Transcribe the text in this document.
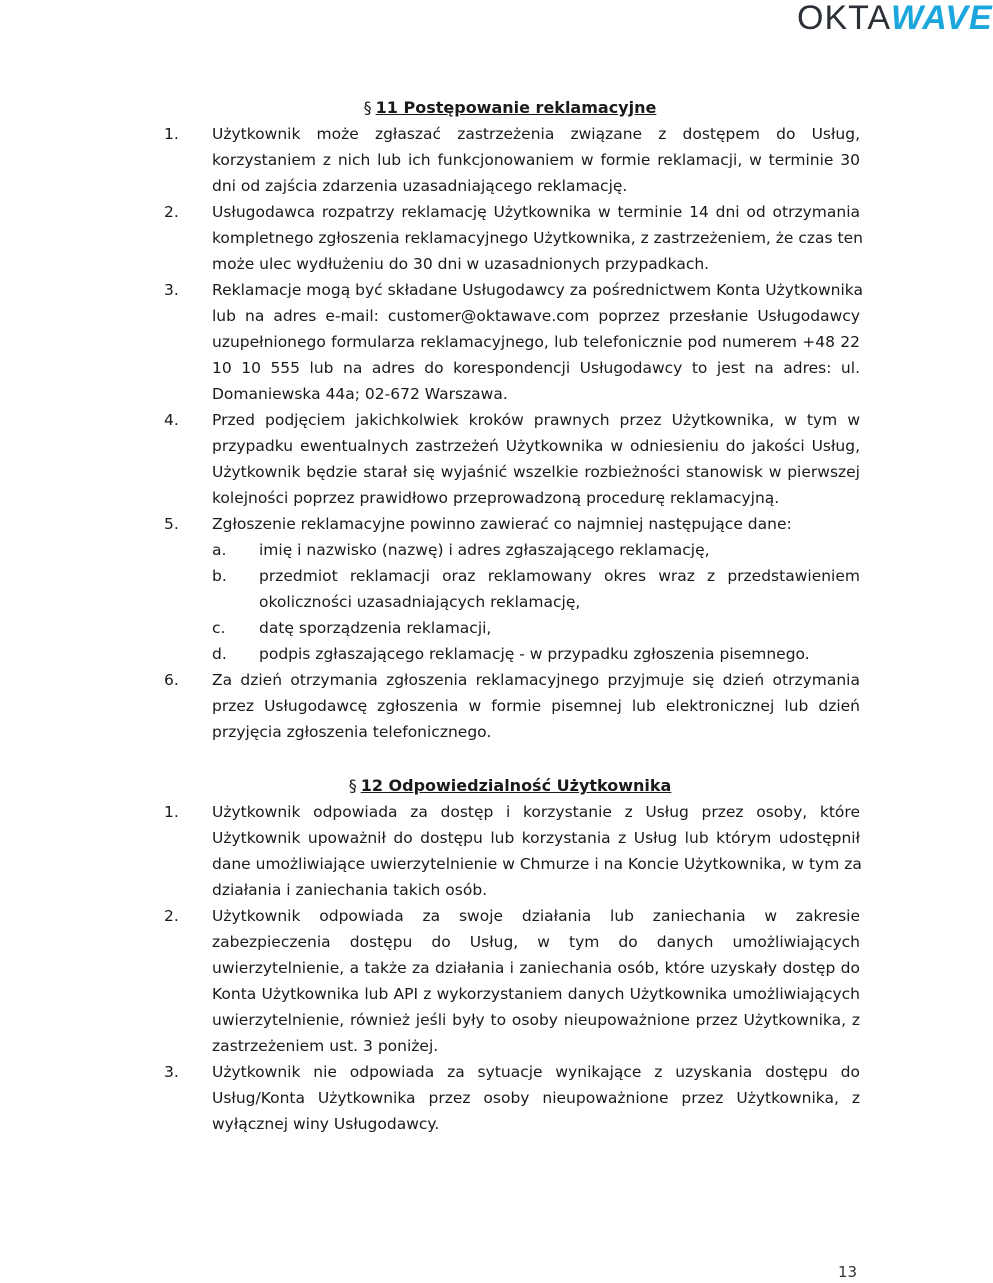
OKTAWAVE
§ 11 Postępowanie reklamacyjne
1. Użytkownik może zgłaszać zastrzeżenia związane z dostępem do Usług,
korzystaniem z nich lub ich funkcjonowaniem w formie reklamacji, w terminie 30
dni od zajścia zdarzenia uzasadniającego reklamację.
2. Usługodawca rozpatrzy reklamację Użytkownika w terminie 14 dni od otrzymania
kompletnego zgłoszenia reklamacyjnego Użytkownika, z zastrzeżeniem, że czas ten
może ulec wydłużeniu do 30 dni w uzasadnionych przypadkach.
3. Reklamacje mogą być składane Usługodawcy za pośrednictwem Konta Użytkownika
lub na adres e-mail: customer@oktawave.com poprzez przesłanie Usługodawcy
uzupełnionego formularza reklamacyjnego, lub telefonicznie pod numerem +48 22
10 10 555 lub na adres do korespondencji Usługodawcy to jest na adres: ul.
Domaniewska 44a; 02-672 Warszawa.
4. Przed podjęciem jakichkolwiek kroków prawnych przez Użytkownika, w tym w
przypadku ewentualnych zastrzeżeń Użytkownika w odniesieniu do jakości Usług,
Użytkownik będzie starał się wyjaśnić wszelkie rozbieżności stanowisk w pierwszej
kolejności poprzez prawidłowo przeprowadzoną procedurę reklamacyjną.
5. Zgłoszenie reklamacyjne powinno zawierać co najmniej następujące dane:
a. imię i nazwisko (nazwę) i adres zgłaszającego reklamację,
b. przedmiot reklamacji oraz reklamowany okres wraz z przedstawieniem
okoliczności uzasadniających reklamację,
c. datę sporządzenia reklamacji,
d. podpis zgłaszającego reklamację - w przypadku zgłoszenia pisemnego.
6. Za dzień otrzymania zgłoszenia reklamacyjnego przyjmuje się dzień otrzymania
przez Usługodawcę zgłoszenia w formie pisemnej lub elektronicznej lub dzień
przyjęcia zgłoszenia telefonicznego.
§ 12 Odpowiedzialność Użytkownika
1. Użytkownik odpowiada za dostęp i korzystanie z Usług przez osoby, które
Użytkownik upoważnił do dostępu lub korzystania z Usług lub którym udostępnił
dane umożliwiające uwierzytelnienie w Chmurze i na Koncie Użytkownika, w tym za
działania i zaniechania takich osób.
2. Użytkownik odpowiada za swoje działania lub zaniechania w zakresie
zabezpieczenia dostępu do Usług, w tym do danych umożliwiających
uwierzytelnienie, a także za działania i zaniechania osób, które uzyskały dostęp do
Konta Użytkownika lub API z wykorzystaniem danych Użytkownika umożliwiających
uwierzytelnienie, również jeśli były to osoby nieupoważnione przez Użytkownika, z
zastrzeżeniem ust. 3 poniżej.
3. Użytkownik nie odpowiada za sytuacje wynikające z uzyskania dostępu do
Usług/Konta Użytkownika przez osoby nieupoważnione przez Użytkownika, z
wyłącznej winy Usługodawcy.
13
